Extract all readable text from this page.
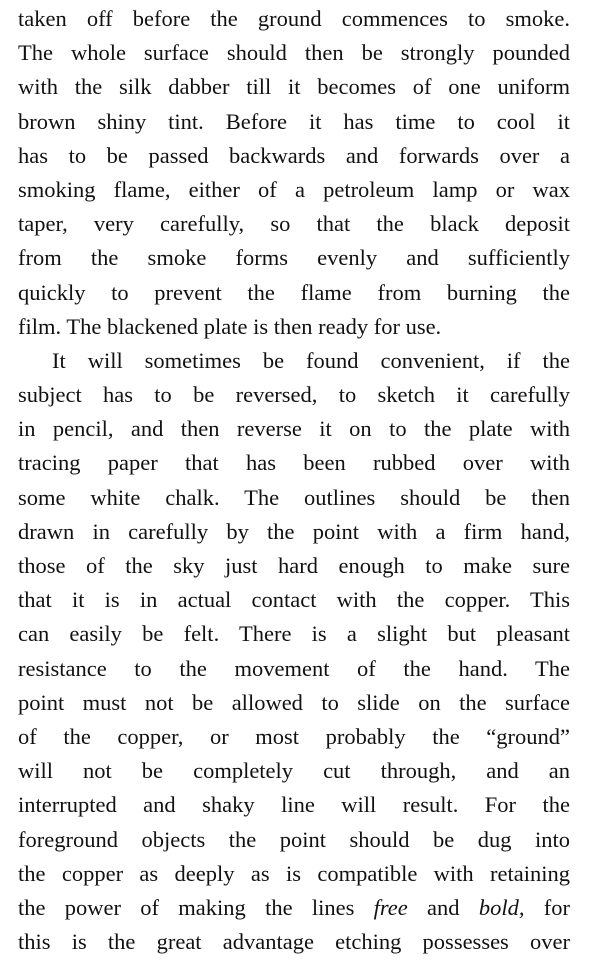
taken off before the ground commences to smoke.
The whole surface should then be strongly pounded
with the silk dabber till it becomes of one uniform
brown shiny tint. Before it has time to cool it
has to be passed backwards and forwards over a
smoking flame, either of a petroleum lamp or wax
taper, very carefully, so that the black deposit
from the smoke forms evenly and sufficiently
quickly to prevent the flame from burning the
film. The blackened plate is then ready for use.
It will sometimes be found convenient, if the
subject has to be reversed, to sketch it carefully
in pencil, and then reverse it on to the plate with
tracing paper that has been rubbed over with
some white chalk. The outlines should be then
drawn in carefully by the point with a firm hand,
those of the sky just hard enough to make sure
that it is in actual contact with the copper. This
can easily be felt. There is a slight but pleasant
resistance to the movement of the hand. The
point must not be allowed to slide on the surface
of the copper, or most probably the “ground”
will not be completely cut through, and an
interrupted and shaky line will result. For the
foreground objects the point should be dug into
the copper as deeply as is compatible with retaining
the power of making the lines free and bold, for
this is the great advantage etching possesses over
